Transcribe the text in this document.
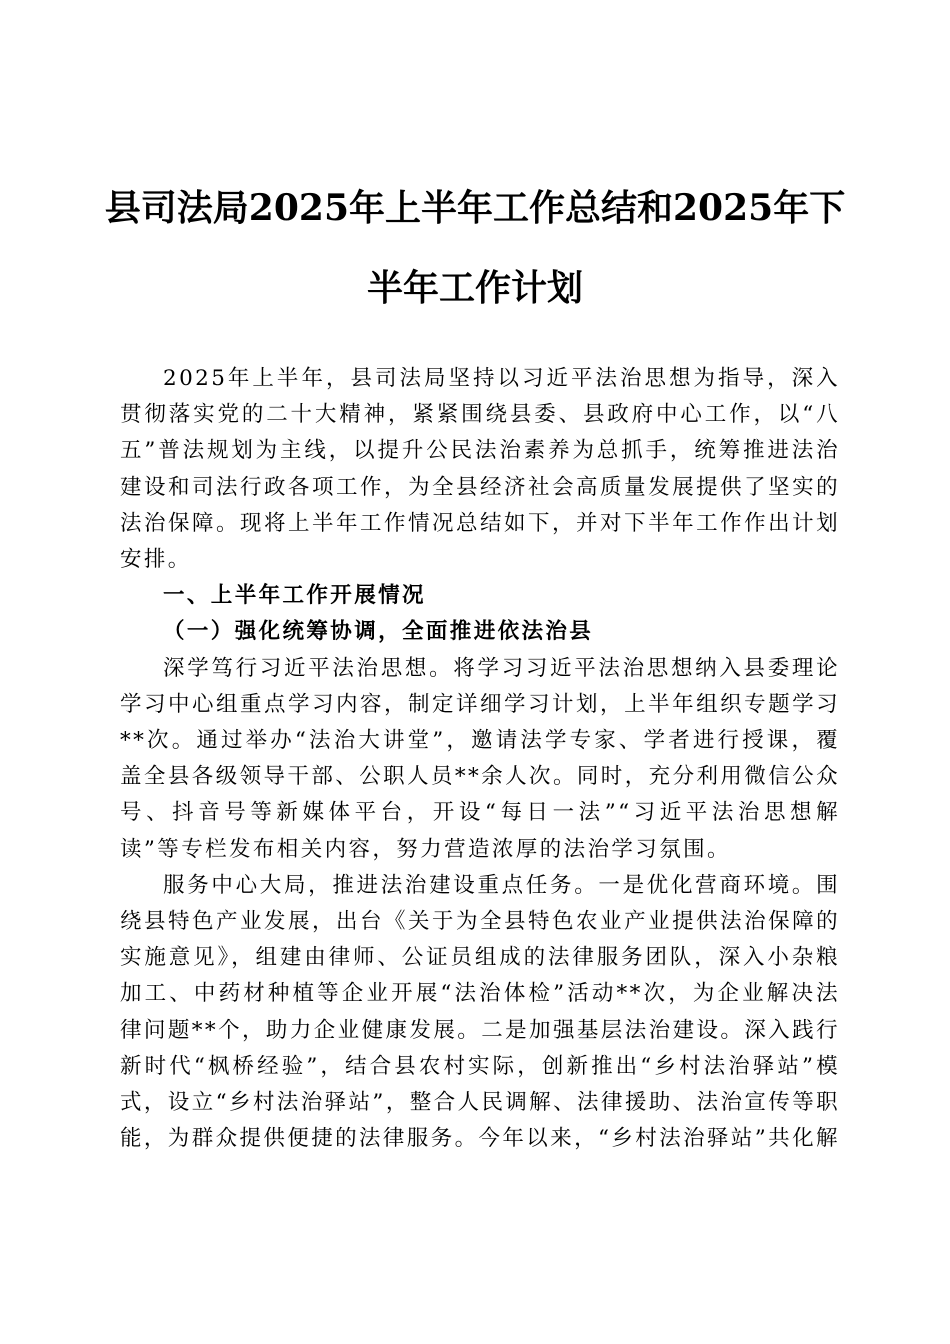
县司法局2025年上半年工作总结和2025年下
半年工作计划

2025年上半年，县司法局坚持以习近平法治思想为指导，深入贯彻落实党的二十大精神，紧紧围绕县委、县政府中心工作，以“八五”普法规划为主线，以提升公民法治素养为总抓手，统筹推进法治建设和司法行政各项工作，为全县经济社会高质量发展提供了坚实的法治保障。现将上半年工作情况总结如下，并对下半年工作作出计划安排。

一、上半年工作开展情况

（一）强化统筹协调，全面推进依法治县

深学笃行习近平法治思想。将学习习近平法治思想纳入县委理论学习中心组重点学习内容，制定详细学习计划，上半年组织专题学习**次。通过举办“法治大讲堂”，邀请法学专家、学者进行授课，覆盖全县各级领导干部、公职人员**余人次。同时，充分利用微信公众号、抖音号等新媒体平台，开设“每日一法”“习近平法治思想解读”等专栏发布相关内容，努力营造浓厚的法治学习氛围。

服务中心大局，推进法治建设重点任务。一是优化营商环境。围绕县特色产业发展，出台《关于为全县特色农业产业提供法治保障的实施意见》，组建由律师、公证员组成的法律服务团队，深入小杂粮加工、中药材种植等企业开展“法治体检”活动**次，为企业解决法律问题**个，助力企业健康发展。二是加强基层法治建设。深入践行新时代“枫桥经验”，结合县农村实际，创新推出“乡村法治驿站”模式，设立“乡村法治驿站”，整合人民调解、法律援助、法治宣传等职能，为群众提供便捷的法律服务。今年以来，“乡村法治驿站”共化解
